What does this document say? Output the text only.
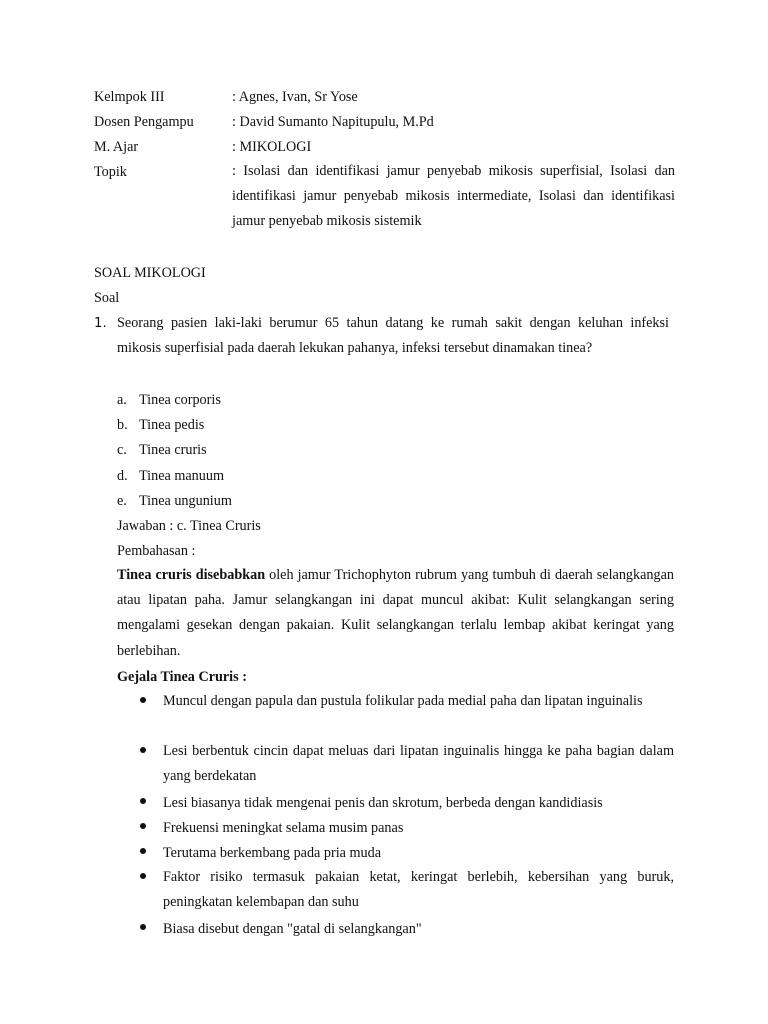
Kelmpok III	: Agnes, Ivan, Sr Yose
Dosen Pengampu	: David Sumanto Napitupulu, M.Pd
M. Ajar	: MIKOLOGI
Topik	: Isolasi dan identifikasi jamur penyebab mikosis superfisial, Isolasi dan identifikasi jamur penyebab mikosis intermediate, Isolasi dan identifikasi jamur penyebab mikosis sistemik
SOAL MIKOLOGI
Soal
1. Seorang pasien laki-laki berumur 65 tahun datang ke rumah sakit dengan keluhan infeksi mikosis superfisial pada daerah lekukan pahanya, infeksi tersebut dinamakan tinea?
a. Tinea corporis
b. Tinea pedis
c. Tinea cruris
d. Tinea manuum
e. Tinea ungunium
Jawaban : c. Tinea Cruris
Pembahasan :
Tinea cruris disebabkan oleh jamur Trichophyton rubrum yang tumbuh di daerah selangkangan atau lipatan paha. Jamur selangkangan ini dapat muncul akibat: Kulit selangkangan sering mengalami gesekan dengan pakaian. Kulit selangkangan terlalu lembap akibat keringat yang berlebihan.
Gejala Tinea Cruris :
Muncul dengan papula dan pustula folikular pada medial paha dan lipatan inguinalis
Lesi berbentuk cincin dapat meluas dari lipatan inguinalis hingga ke paha bagian dalam yang berdekatan
Lesi biasanya tidak mengenai penis dan skrotum, berbeda dengan kandidiasis
Frekuensi meningkat selama musim panas
Terutama berkembang pada pria muda
Faktor risiko termasuk pakaian ketat, keringat berlebih, kebersihan yang buruk, peningkatan kelembapan dan suhu
Biasa disebut dengan "gatal di selangkangan"
